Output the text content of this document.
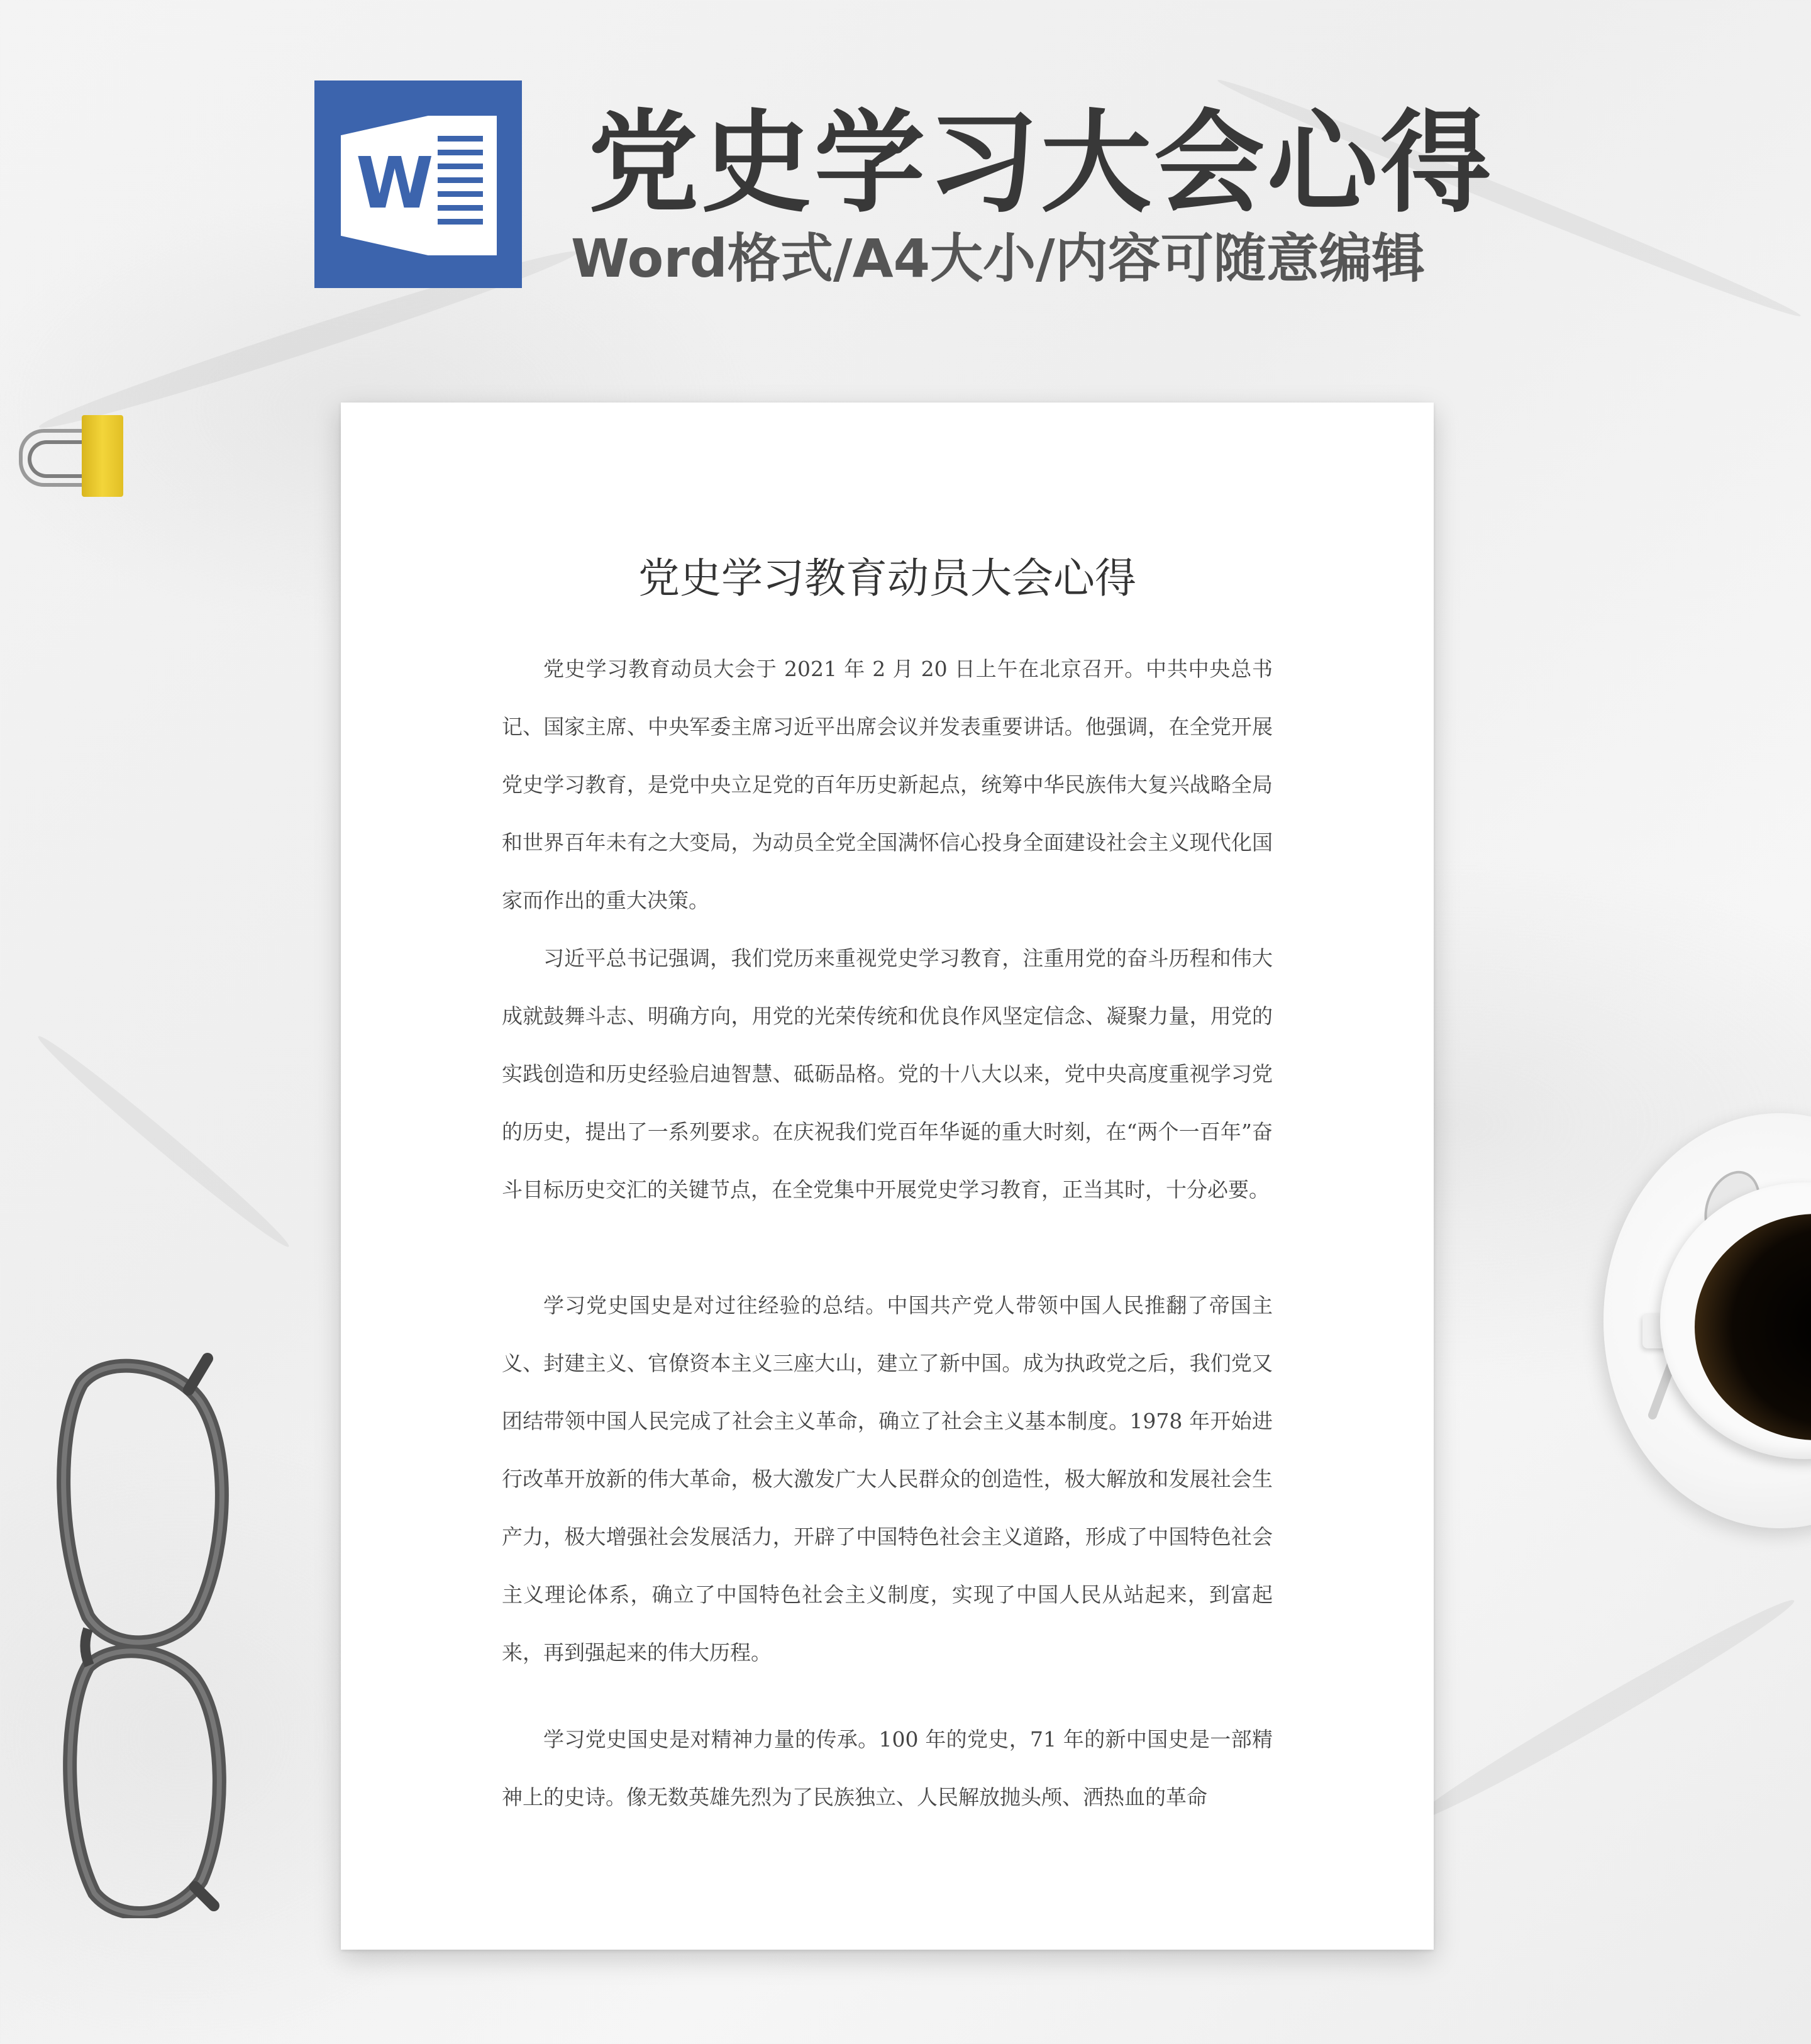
W 党史学习大会心得
Word格式/A4大小/内容可随意编辑
党史学习教育动员大会心得

党史学习教育动员大会于 2021 年 2 月 20 日上午在北京召开。中共中央总书记、国家主席、中央军委主席习近平出席会议并发表重要讲话。他强调，在全党开展党史学习教育，是党中央立足党的百年历史新起点，统筹中华民族伟大复兴战略全局和世界百年未有之大变局，为动员全党全国满怀信心投身全面建设社会主义现代化国家而作出的重大决策。

习近平总书记强调，我们党历来重视党史学习教育，注重用党的奋斗历程和伟大成就鼓舞斗志、明确方向，用党的光荣传统和优良作风坚定信念、凝聚力量，用党的实践创造和历史经验启迪智慧、砥砺品格。党的十八大以来，党中央高度重视学习党的历史，提出了一系列要求。在庆祝我们党百年华诞的重大时刻，在“两个一百年”奋斗目标历史交汇的关键节点，在全党集中开展党史学习教育，正当其时，十分必要。

学习党史国史是对过往经验的总结。中国共产党人带领中国人民推翻了帝国主义、封建主义、官僚资本主义三座大山，建立了新中国。成为执政党之后，我们党又团结带领中国人民完成了社会主义革命，确立了社会主义基本制度。1978 年开始进行改革开放新的伟大革命，极大激发广大人民群众的创造性，极大解放和发展社会生产力，极大增强社会发展活力，开辟了中国特色社会主义道路，形成了中国特色社会主义理论体系，确立了中国特色社会主义制度，实现了中国人民从站起来，到富起来，再到强起来的伟大历程。

学习党史国史是对精神力量的传承。100 年的党史，71 年的新中国史是一部精神上的史诗。像无数英雄先烈为了民族独立、人民解放抛头颅、洒热血的革命
